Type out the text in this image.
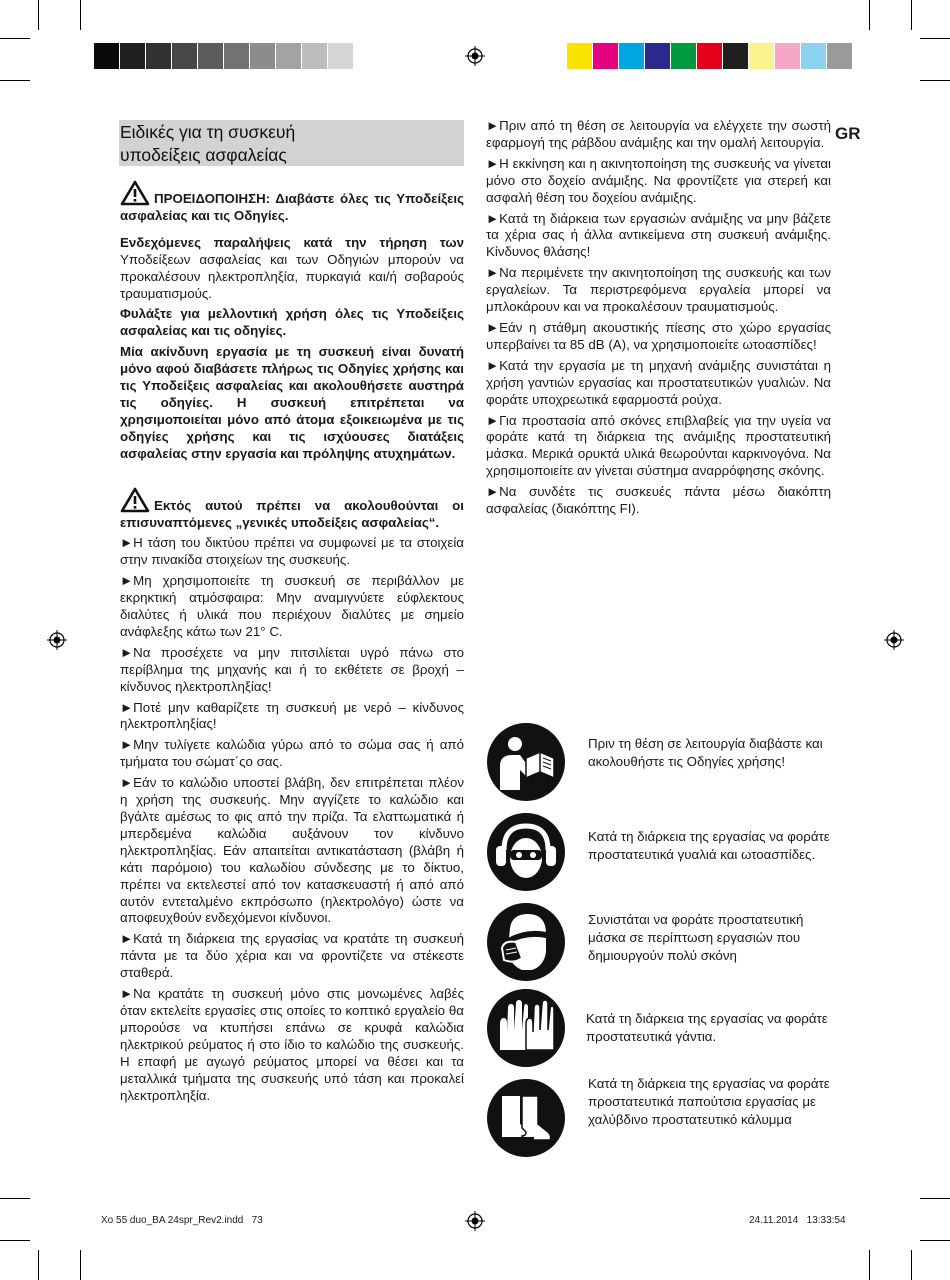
GR
Ειδικές για τη συσκευή
υποδείξεις ασφαλείας

ΠΡΟΕΙΔΟΠΟΙΗΣΗ: Διαβάστε όλες τις Υποδείξεις ασφαλείας και τις Οδηγίες.

Ενδεχόμενες παραλήψεις κατά την τήρηση των Υποδείξεων ασφαλείας και των Οδηγιών μπορούν να προκαλέσουν ηλεκτροπληξία, πυρκαγιά και/ή σοβαρούς τραυματισμούς.

Φυλάξτε για μελλοντική χρήση όλες τις Υποδείξεις ασφαλείας και τις οδηγίες.

Μία ακίνδυνη εργασία με τη συσκευή είναι δυνατή μόνο αφού διαβάσετε πλήρως τις Οδηγίες χρήσης και τις Υποδείξεις ασφαλείας και ακολουθήσετε αυστηρά τις οδηγίες. Η συσκευή επιτρέπεται να χρησιμοποιείται μόνο από άτομα εξοικειωμένα με τις οδηγίες χρήσης και τις ισχύουσες διατάξεις ασφαλείας στην εργασία και πρόληψης ατυχημάτων.

Εκτός αυτού πρέπει να ακολουθούνται οι επισυναπτόμενες „γενικές υποδείξεις ασφαλείας“.

►Η τάση του δικτύου πρέπει να συμφωνεί με τα στοιχεία στην πινακίδα στοιχείων της συσκευής.

►Μη χρησιμοποιείτε τη συσκευή σε περιβάλλον με εκρηκτική ατμόσφαιρα: Μην αναμιγνύετε εύφλεκτους διαλύτες ή υλικά που περιέχουν διαλύτες με σημείο ανάφλεξης κάτω των 21° C.

►Να προσέχετε να μην πιτσιλίεται υγρό πάνω στο περίβλημα της μηχανής και ή το εκθέτετε σε βροχή – κίνδυνος ηλεκτροπληξίας!

►Ποτέ μην καθαρίζετε τη συσκευή με νερό – κίνδυνος ηλεκτροπληξίας!

►Μην τυλίγετε καλώδια γύρω από το σώμα σας ή από τμήματα του σώματ΄ςο σας.

►Εάν το καλώδιο υποστεί βλάβη, δεν επιτρέπεται πλέον η χρήση της συσκευής. Μην αγγίζετε το καλώδιο και βγάλτε αμέσως το φις από την πρίζα. Τα ελαττωματικά ή μπερδεμένα καλώδια αυξάνουν τον κίνδυνο ηλεκτροπληξίας. Εάν απαιτείται αντικατάσταση (βλάβη ή κάτι παρόμοιο) του καλωδίου σύνδεσης με το δίκτυο, πρέπει να εκτελεστεί από τον κατασκευαστή ή από από αυτόν εντεταλμένο εκπρόσωπο (ηλεκτρολόγο) ώστε να αποφευχθούν ενδεχόμενοι κίνδυνοι.

►Κατά τη διάρκεια της εργασίας να κρατάτε τη συσκευή πάντα με τα δύο χέρια και να φροντίζετε να στέκεστε σταθερά.

►Να κρατάτε τη συσκευή μόνο στις μονωμένες λαβές όταν εκτελείτε εργασίες στις οποίες το κοπτικό εργαλείο θα μπορούσε να κτυπήσει επάνω σε κρυφά καλώδια ηλεκτρικού ρεύματος ή στο ίδιο το καλώδιο της συσκευής. Η επαφή με αγωγό ρεύματος μπορεί να θέσει και τα μεταλλικά τμήματα της συσκευής υπό τάση και προκαλεί ηλεκτροπληξία.

►Πριν από τη θέση σε λειτουργία να ελέγχετε την σωστή εφαρμογή της ράβδου ανάμιξης και την ομαλή λειτουργία.

►Η εκκίνηση και η ακινητοποίηση της συσκευής να γίνεται μόνο στο δοχείο ανάμιξης. Να φροντίζετε για στερεή και ασφαλή θέση του δοχείου ανάμιξης.

►Κατά τη διάρκεια των εργασιών ανάμιξης να μην βάζετε τα χέρια σας ή άλλα αντικείμενα στη συσκευή ανάμιξης. Κίνδυνος θλάσης!

►Να περιμένετε την ακινητοποίηση της συσκευής και των εργαλείων. Τα περιστρεφόμενα εργαλεία μπορεί να μπλοκάρουν και να προκαλέσουν τραυματισμούς.

►Εάν η στάθμη ακουστικής πίεσης στο χώρο εργασίας υπερβαίνει τα 85 dB (A), να χρησιμοποιείτε ωτοασπίδες!

►Κατά την εργασία με τη μηχανή ανάμιξης συνιστάται η χρήση γαντιών εργασίας και προστατευτικών γυαλιών. Να φοράτε υποχρεωτικά εφαρμοστά ρούχα.

►Για προστασία από σκόνες επιβλαβείς για την υγεία να φοράτε κατά τη διάρκεια της ανάμιξης προστατευτική μάσκα. Μερικά ορυκτά υλικά θεωρούνται καρκινογόνα. Να χρησιμοποιείτε αν γίνεται σύστημα αναρρόφησης σκόνης.

►Να συνδέτε τις συσκευές πάντα μέσω διακόπτη ασφαλείας (διακόπτης FI).

Πριν τη θέση σε λειτουργία διαβάστε και ακολουθήστε τις Οδηγίες χρήσης!
Κατά τη διάρκεια της εργασίας να φοράτε προστατευτικά γυαλιά και ωτοασπίδες.
Συνιστάται να φοράτε προστατευτική μάσκα σε περίπτωση εργασιών που δημιουργούν πολύ σκόνη
Κατά τη διάρκεια της εργασίας να φοράτε προστατευτικά γάντια.
Κατά τη διάρκεια της εργασίας να φοράτε προστατευτικά παπούτσια εργασίας με χαλύβδινο προστατευτικό κάλυμμα
Xo 55 duo_BA 24spr_Rev2.indd   73	24.11.2014   13:33:54
